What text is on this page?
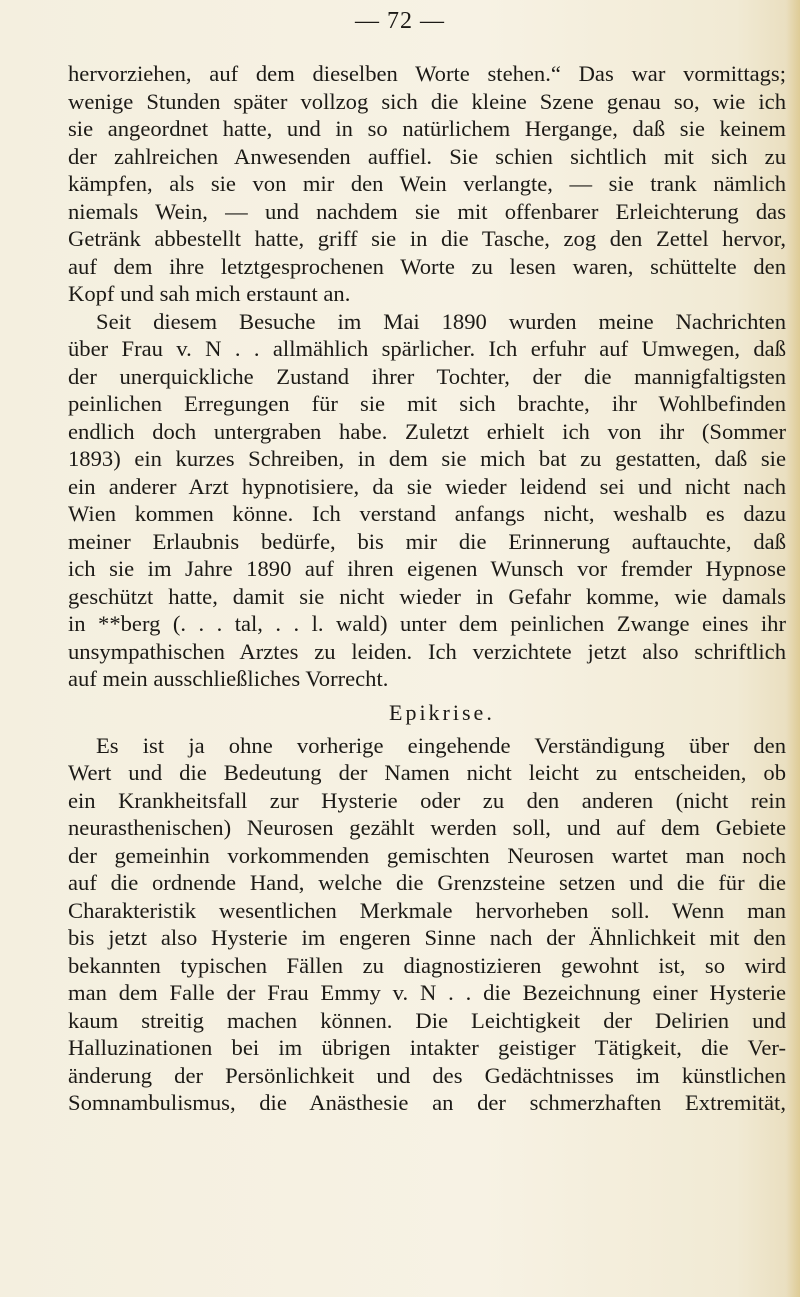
— 72 —

hervorziehen, auf dem dieselben Worte stehen.“ Das war vormittags;
wenige Stunden später vollzog sich die kleine Szene genau so, wie ich
sie angeordnet hatte, und in so natürlichem Hergange, daß sie keinem
der zahlreichen Anwesenden auffiel. Sie schien sichtlich mit sich zu
kämpfen, als sie von mir den Wein verlangte, — sie trank nämlich
niemals Wein, — und nachdem sie mit offenbarer Erleichterung das
Getränk abbestellt hatte, griff sie in die Tasche, zog den Zettel hervor,
auf dem ihre letztgesprochenen Worte zu lesen waren, schüttelte den
Kopf und sah mich erstaunt an.
Seit diesem Besuche im Mai 1890 wurden meine Nachrichten
über Frau v. N . . allmählich spärlicher. Ich erfuhr auf Umwegen, daß
der unerquickliche Zustand ihrer Tochter, der die mannigfaltigsten
peinlichen Erregungen für sie mit sich brachte, ihr Wohlbefinden
endlich doch untergraben habe. Zuletzt erhielt ich von ihr (Sommer
1893) ein kurzes Schreiben, in dem sie mich bat zu gestatten, daß sie
ein anderer Arzt hypnotisiere, da sie wieder leidend sei und nicht nach
Wien kommen könne. Ich verstand anfangs nicht, weshalb es dazu
meiner Erlaubnis bedürfe, bis mir die Erinnerung auftauchte, daß
ich sie im Jahre 1890 auf ihren eigenen Wunsch vor fremder Hypnose
geschützt hatte, damit sie nicht wieder in Gefahr komme, wie damals
in **berg (. . . tal, . . l. wald) unter dem peinlichen Zwange eines ihr
unsympathischen Arztes zu leiden. Ich verzichtete jetzt also schriftlich
auf mein ausschließliches Vorrecht.
Epikrise.
Es ist ja ohne vorherige eingehende Verständigung über den
Wert und die Bedeutung der Namen nicht leicht zu entscheiden, ob
ein Krankheitsfall zur Hysterie oder zu den anderen (nicht rein
neurasthenischen) Neurosen gezählt werden soll, und auf dem Gebiete
der gemeinhin vorkommenden gemischten Neurosen wartet man noch
auf die ordnende Hand, welche die Grenzsteine setzen und die für die
Charakteristik wesentlichen Merkmale hervorheben soll. Wenn man
bis jetzt also Hysterie im engeren Sinne nach der Ähnlichkeit mit den
bekannten typischen Fällen zu diagnostizieren gewohnt ist, so wird
man dem Falle der Frau Emmy v. N . . die Bezeichnung einer Hysterie
kaum streitig machen können. Die Leichtigkeit der Delirien und
Halluzinationen bei im übrigen intakter geistiger Tätigkeit, die Ver-
änderung der Persönlichkeit und des Gedächtnisses im künstlichen
Somnambulismus, die Anästhesie an der schmerzhaften Extremität,
